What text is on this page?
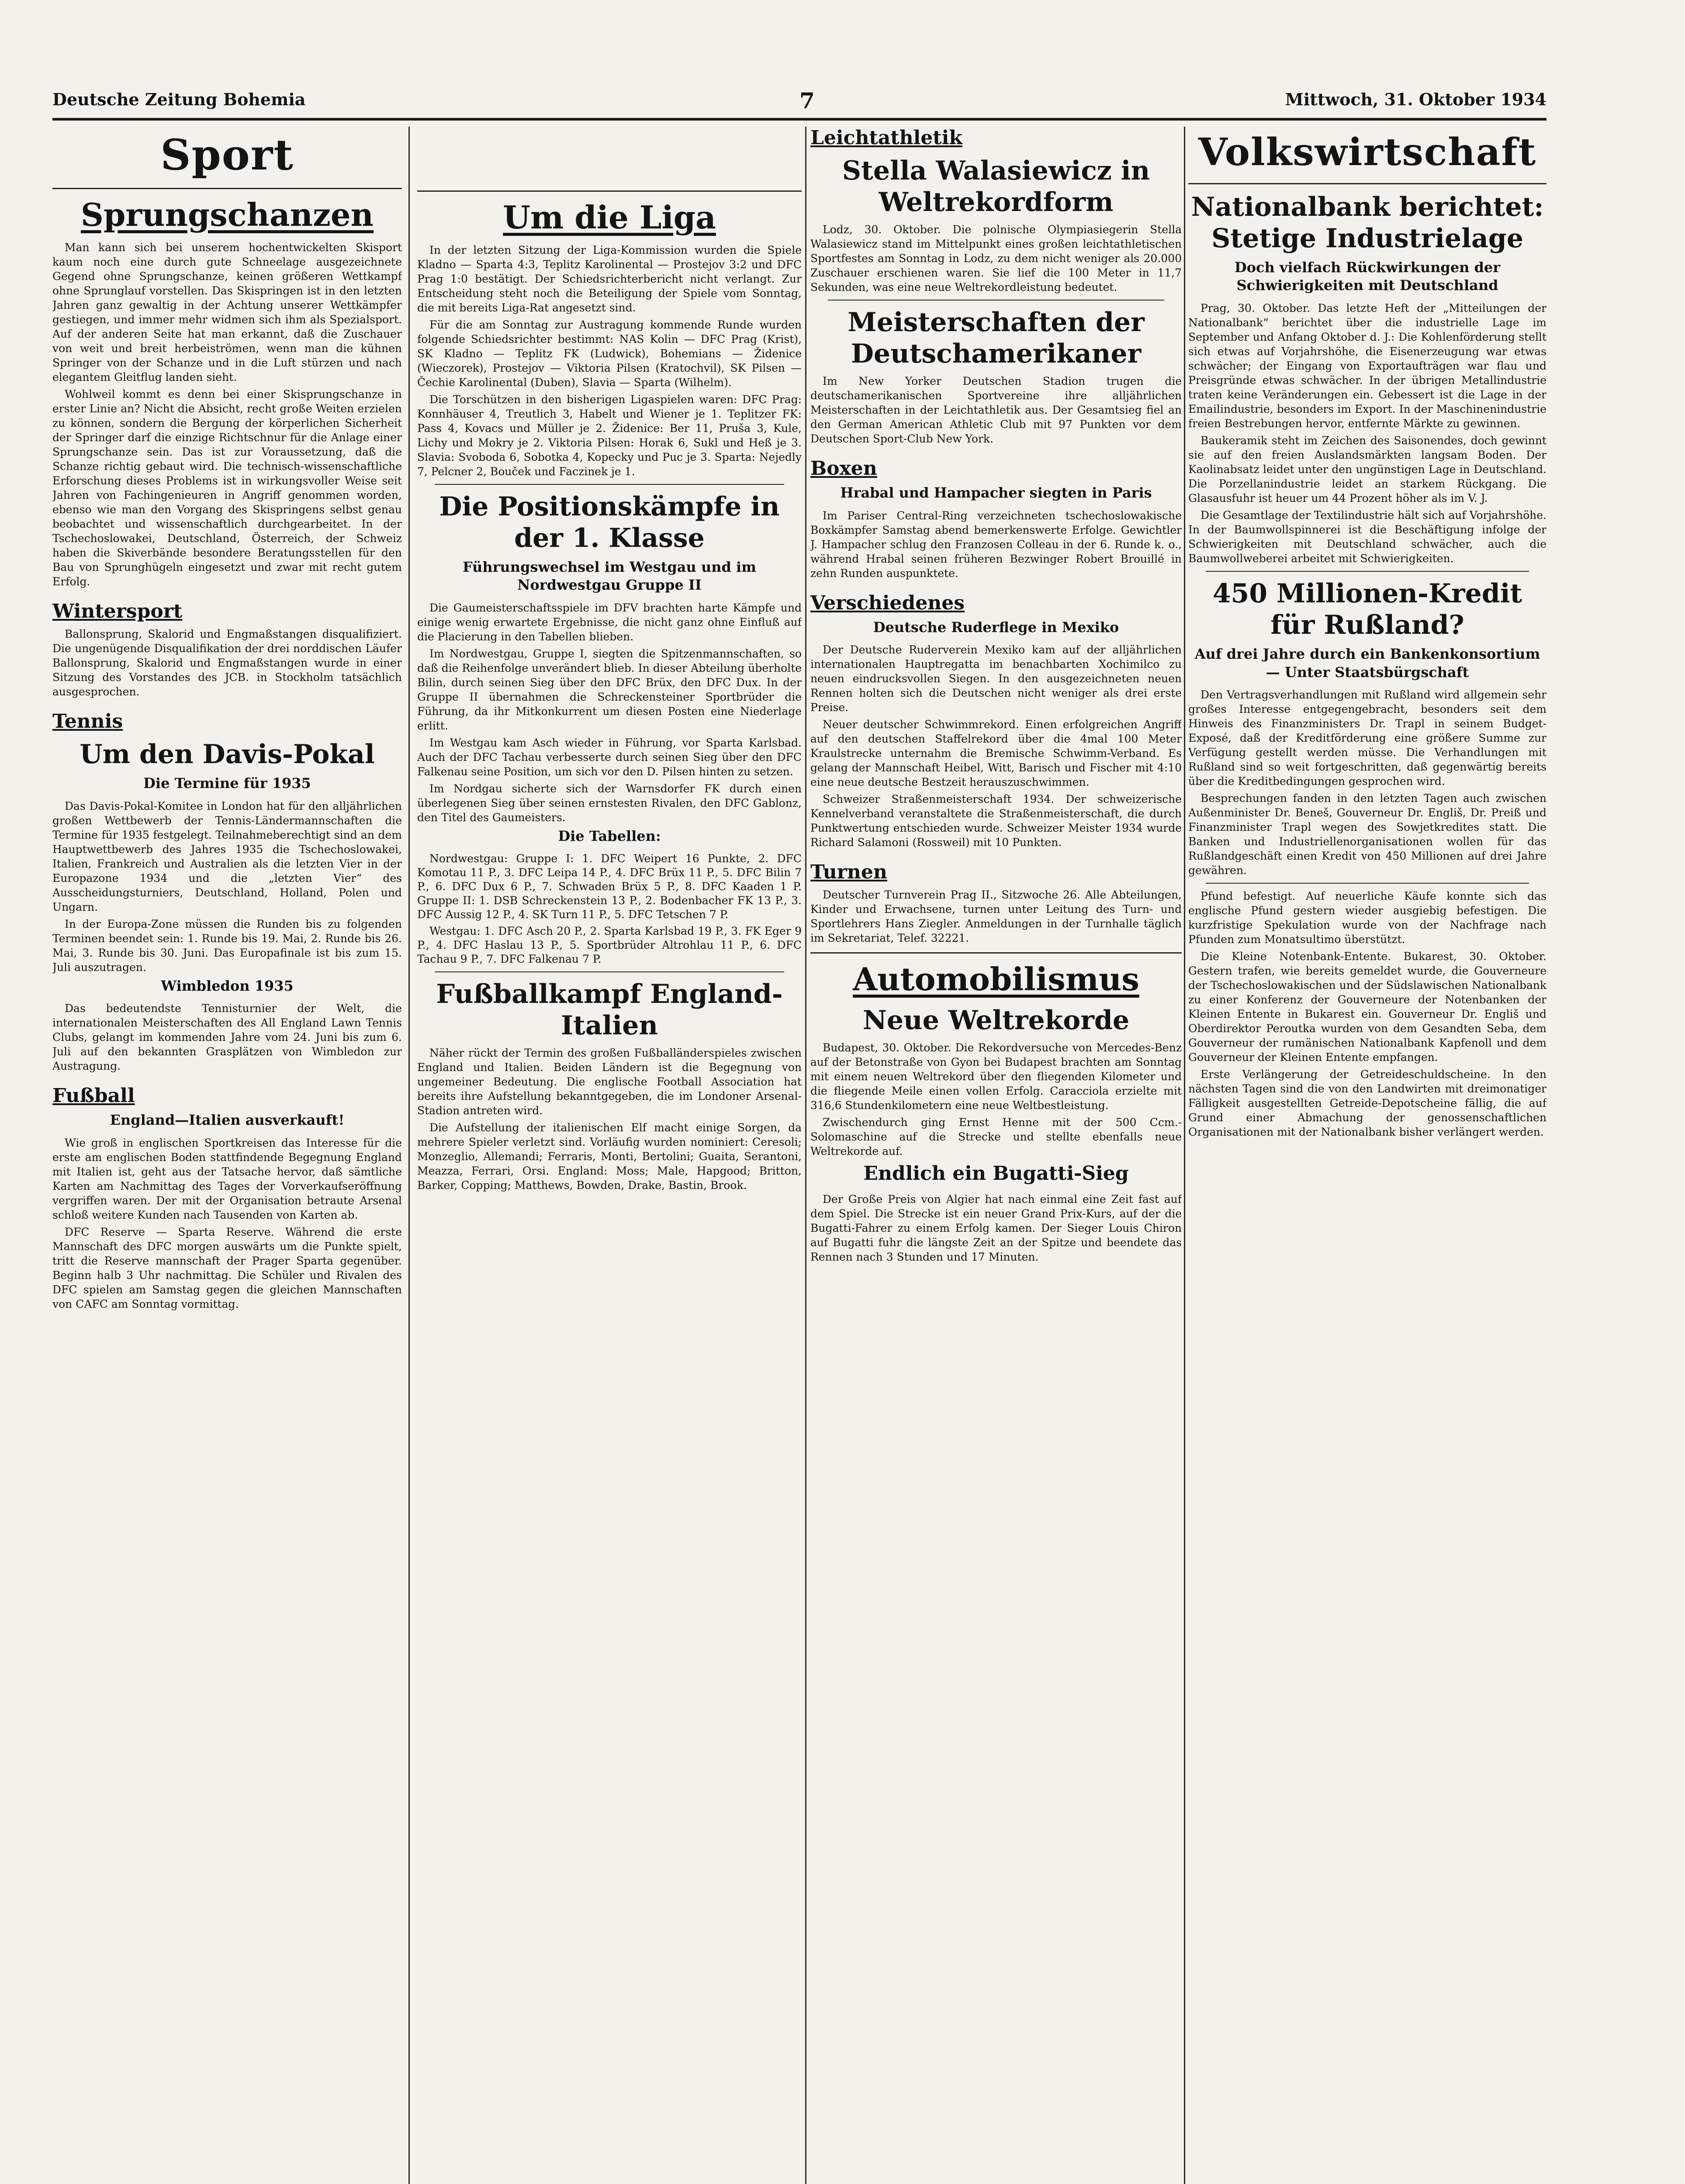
Deutsche Zeitung Bohemia	7	Mittwoch, 31. Oktober 1934
Sport
Sprungschanzen

Man kann sich bei unserem hochentwickelten Skisport kaum noch eine durch gute Schneelage ausgezeichnete Gegend ohne Sprungschanze, keinen größeren Wettkampf ohne Sprunglauf vorstellen. Das Skispringen ist in den letzten Jahren ganz gewaltig in der Achtung unserer Wettkämpfer gestiegen, und immer mehr widmen sich ihm als Spezialsport. Auf der anderen Seite hat man erkannt, daß die Zuschauer von weit und breit herbeiströmen, wenn man die kühnen Springer von der Schanze und in die Luft stürzen und nach elegantem Gleitflug landen sieht.

Wohlweil kommt es denn bei einer Skisprungschanze in erster Linie an? Nicht die Absicht, recht große Weiten erzielen zu können, sondern die Bergung der körperlichen Sicherheit der Springer darf die einzige Richtschnur für die Anlage einer Sprungschanze sein. Das ist zur Voraussetzung, daß die Schanze richtig gebaut wird. Die technisch-wissenschaftliche Erforschung dieses Problems ist in wirkungsvoller Weise seit Jahren von Fachingenieuren in Angriff genommen worden, ebenso wie man den Vorgang des Skispringens selbst genau beobachtet und wissenschaftlich durchgearbeitet. In der Tschechoslowakei, Deutschland, Österreich, der Schweiz haben die Skiverbände besondere Beratungsstellen für den Bau von Sprunghügeln eingesetzt und zwar mit recht gutem Erfolg.

Wintersport

Ballonsprung, Skalorid und Engmaßstangen disqualifiziert. Die ungenügende Disqualifikation der drei norddischen Läufer Ballonsprung, Skalorid und Engmaßstangen wurde in einer Sitzung des Vorstandes des JCB. in Stockholm tatsächlich ausgesprochen.

Tennis
Um den Davis-Pokal
Die Termine für 1935

Das Davis-Pokal-Komitee in London hat für den alljährlichen großen Wettbewerb der Tennis-Ländermannschaften die Termine für 1935 festgelegt. Teilnahmeberechtigt sind an dem Hauptwettbewerb des Jahres 1935 die Tschechoslowakei, Italien, Frankreich und Australien als die letzten Vier in der Europazone 1934 und die „letzten Vier“ des Ausscheidungsturniers, Deutschland, Holland, Polen und Ungarn.

In der Europa-Zone müssen die Runden bis zu folgenden Terminen beendet sein: 1. Runde bis 19. Mai, 2. Runde bis 26. Mai, 3. Runde bis 30. Juni. Das Europafinale ist bis zum 15. Juli auszutragen.

Wimbledon 1935

Das bedeutendste Tennisturnier der Welt, die internationalen Meisterschaften des All England Lawn Tennis Clubs, gelangt im kommenden Jahre vom 24. Juni bis zum 6. Juli auf den bekannten Grasplätzen von Wimbledon zur Austragung.

Fußball
England—Italien ausverkauft!

Wie groß in englischen Sportkreisen das Interesse für die erste am englischen Boden stattfindende Begegnung England mit Italien ist, geht aus der Tatsache hervor, daß sämtliche Karten am Nachmittag des Tages der Vorverkaufseröffnung vergriffen waren. Der mit der Organisation betraute Arsenal schloß weitere Kunden nach Tausenden von Karten ab.

DFC Reserve — Sparta Reserve. Während die erste Mannschaft des DFC morgen auswärts um die Punkte spielt, tritt die Reserve mannschaft der Prager Sparta gegenüber. Beginn halb 3 Uhr nachmittag. Die Schüler und Rivalen des DFC spielen am Samstag gegen die gleichen Mannschaften von CAFC am Sonntag vormittag.

Um die Liga

In der letzten Sitzung der Liga-Kommission wurden die Spiele Kladno — Sparta 4:3, Teplitz Karolinental — Prostejov 3:2 und DFC Prag 1:0 bestätigt. Der Schiedsrichterbericht nicht verlangt. Zur Entscheidung steht noch die Beteiligung der Spiele vom Sonntag, die mit bereits Liga-Rat angesetzt sind.

Für die am Sonntag zur Austragung kommende Runde wurden folgende Schiedsrichter bestimmt: NAS Kolin — DFC Prag (Krist), SK Kladno — Teplitz FK (Ludwick), Bohemians — Židenice (Wieczorek), Prostejov — Viktoria Pilsen (Kratochvil), SK Pilsen — Čechie Karolinental (Duben), Slavia — Sparta (Wilhelm).

Die Torschützen in den bisherigen Ligaspielen waren: DFC Prag: Konnhäuser 4, Treutlich 3, Habelt und Wiener je 1. Teplitzer FK: Pass 4, Kovacs und Müller je 2. Židenice: Ber 11, Pruša 3, Kule, Lichy und Mokry je 2. Viktoria Pilsen: Horak 6, Sukl und Heß je 3. Slavia: Svoboda 6, Sobotka 4, Kopecky und Puc je 3. Sparta: Nejedly 7, Pelcner 2, Bouček und Faczinek je 1.

Die Positionskämpfe in der 1. Klasse
Führungswechsel im Westgau und im Nordwestgau Gruppe II

Die Gaumeisterschaftsspiele im DFV brachten harte Kämpfe und einige wenig erwartete Ergebnisse, die nicht ganz ohne Einfluß auf die Placierung in den Tabellen blieben.

Im Nordwestgau, Gruppe I, siegten die Spitzenmannschaften, so daß die Reihenfolge unverändert blieb. In dieser Abteilung überholte Bilin, durch seinen Sieg über den DFC Brüx, den DFC Dux. In der Gruppe II übernahmen die Schreckensteiner Sportbrüder die Führung, da ihr Mitkonkurrent um diesen Posten eine Niederlage erlitt.

Im Westgau kam Asch wieder in Führung, vor Sparta Karlsbad. Auch der DFC Tachau verbesserte durch seinen Sieg über den DFC Falkenau seine Position, um sich vor den D. Pilsen hinten zu setzen.

Im Nordgau sicherte sich der Warnsdorfer FK durch einen überlegenen Sieg über seinen ernstesten Rivalen, den DFC Gablonz, den Titel des Gaumeisters.

Die Tabellen:

Nordwestgau: Gruppe I: 1. DFC Weipert 16 Punkte, 2. DFC Komotau 11 P., 3. DFC Leipa 14 P., 4. DFC Brüx 11 P., 5. DFC Bilin 7 P., 6. DFC Dux 6 P., 7. Schwaden Brüx 5 P., 8. DFC Kaaden 1 P. Gruppe II: 1. DSB Schreckenstein 13 P., 2. Bodenbacher FK 13 P., 3. DFC Aussig 12 P., 4. SK Turn 11 P., 5. DFC Tetschen 7 P.

Westgau: 1. DFC Asch 20 P., 2. Sparta Karlsbad 19 P., 3. FK Eger 9 P., 4. DFC Haslau 13 P., 5. Sportbrüder Altrohlau 11 P., 6. DFC Tachau 9 P., 7. DFC Falkenau 7 P.

Fußballkampf England-Italien

Näher rückt der Termin des großen Fußballänderspieles zwischen England und Italien. Beiden Ländern ist die Begegnung von ungemeiner Bedeutung. Die englische Football Association hat bereits ihre Aufstellung bekanntgegeben, die im Londoner Arsenal-Stadion antreten wird.

Die Aufstellung der italienischen Elf macht einige Sorgen, da mehrere Spieler verletzt sind. Vorläufig wurden nominiert: Ceresoli; Monzeglio, Allemandi; Ferraris, Monti, Bertolini; Guaita, Serantoni, Meazza, Ferrari, Orsi. England: Moss; Male, Hapgood; Britton, Barker, Copping; Matthews, Bowden, Drake, Bastin, Brook.

Leichtathletik
Stella Walasiewicz in Weltrekordform

Lodz, 30. Oktober. Die polnische Olympiasiegerin Stella Walasiewicz stand im Mittelpunkt eines großen leichtathletischen Sportfestes am Sonntag in Lodz, zu dem nicht weniger als 20.000 Zuschauer erschienen waren. Sie lief die 100 Meter in 11,7 Sekunden, was eine neue Weltrekordleistung bedeutet.

Meisterschaften der Deutschamerikaner

Im New Yorker Deutschen Stadion trugen die deutschamerikanischen Sportvereine ihre alljährlichen Meisterschaften in der Leichtathletik aus. Der Gesamtsieg fiel an den German American Athletic Club mit 97 Punkten vor dem Deutschen Sport-Club New York.

Boxen
Hrabal und Hampacher siegten in Paris

Im Pariser Central-Ring verzeichneten tschechoslowakische Boxkämpfer Samstag abend bemerkenswerte Erfolge. Gewichtler J. Hampacher schlug den Franzosen Colleau in der 6. Runde k. o., während Hrabal seinen früheren Bezwinger Robert Brouillé in zehn Runden auspunktete.

Verschiedenes
Deutsche Ruderflege in Mexiko

Der Deutsche Ruderverein Mexiko kam auf der alljährlichen internationalen Hauptregatta im benachbarten Xochimilco zu neuen eindrucksvollen Siegen. In den ausgezeichneten neuen Rennen holten sich die Deutschen nicht weniger als drei erste Preise.

Neuer deutscher Schwimmrekord. Einen erfolgreichen Angriff auf den deutschen Staffelrekord über die 4mal 100 Meter Kraulstrecke unternahm die Bremische Schwimm-Verband. Es gelang der Mannschaft Heibel, Witt, Barisch und Fischer mit 4:10 eine neue deutsche Bestzeit herauszuschwimmen.

Schweizer Straßenmeisterschaft 1934. Der schweizerische Kennelverband veranstaltete die Straßenmeisterschaft, die durch Punktwertung entschieden wurde. Schweizer Meister 1934 wurde Richard Salamoni (Rossweil) mit 10 Punkten.

Turnen

Deutscher Turnverein Prag II., Sitzwoche 26. Alle Abteilungen, Kinder und Erwachsene, turnen unter Leitung des Turn- und Sportlehrers Hans Ziegler. Anmeldungen in der Turnhalle täglich im Sekretariat, Telef. 32221.

Automobilismus
Neue Weltrekorde

Budapest, 30. Oktober. Die Rekordversuche von Mercedes-Benz auf der Betonstraße von Gyon bei Budapest brachten am Sonntag mit einem neuen Weltrekord über den fliegenden Kilometer und die fliegende Meile einen vollen Erfolg. Caracciola erzielte mit 316,6 Stundenkilometern eine neue Weltbestleistung.

Zwischendurch ging Ernst Henne mit der 500 Ccm.-Solomaschine auf die Strecke und stellte ebenfalls neue Weltrekorde auf.

Endlich ein Bugatti-Sieg

Der Große Preis von Algier hat nach einmal eine Zeit fast auf dem Spiel. Die Strecke ist ein neuer Grand Prix-Kurs, auf der die Bugatti-Fahrer zu einem Erfolg kamen. Der Sieger Louis Chiron auf Bugatti fuhr die längste Zeit an der Spitze und beendete das Rennen nach 3 Stunden und 17 Minuten.

Volkswirtschaft
Nationalbank berichtet: Stetige Industrielage
Doch vielfach Rückwirkungen der Schwierigkeiten mit Deutschland

Prag, 30. Oktober. Das letzte Heft der „Mitteilungen der Nationalbank“ berichtet über die industrielle Lage im September und Anfang Oktober d. J.: Die Kohlenförderung stellt sich etwas auf Vorjahrshöhe, die Eisenerzeugung war etwas schwächer; der Eingang von Exportaufträgen war flau und Preisgründe etwas schwächer. In der übrigen Metallindustrie traten keine Veränderungen ein. Gebessert ist die Lage in der Emailindustrie, besonders im Export. In der Maschinenindustrie freien Bestrebungen hervor, entfernte Märkte zu gewinnen.

Baukeramik steht im Zeichen des Saisonendes, doch gewinnt sie auf den freien Auslandsmärkten langsam Boden. Der Kaolinabsatz leidet unter den ungünstigen Lage in Deutschland. Die Porzellanindustrie leidet an starkem Rückgang. Die Glasausfuhr ist heuer um 44 Prozent höher als im V. J.

Die Gesamtlage der Textilindustrie hält sich auf Vorjahrshöhe. In der Baumwollspinnerei ist die Beschäftigung infolge der Schwierigkeiten mit Deutschland schwächer, auch die Baumwollweberei arbeitet mit Schwierigkeiten.

450 Millionen-Kredit für Rußland?
Auf drei Jahre durch ein Bankenkonsortium — Unter Staatsbürgschaft

Den Vertragsverhandlungen mit Rußland wird allgemein sehr großes Interesse entgegengebracht, besonders seit dem Hinweis des Finanzministers Dr. Trapl in seinem Budget-Exposé, daß der Kreditförderung eine größere Summe zur Verfügung gestellt werden müsse. Die Verhandlungen mit Rußland sind so weit fortgeschritten, daß gegenwärtig bereits über die Kreditbedingungen gesprochen wird.

Besprechungen fanden in den letzten Tagen auch zwischen Außenminister Dr. Beneš, Gouverneur Dr. Engliš, Dr. Preiß und Finanzminister Trapl wegen des Sowjetkredites statt. Die Banken und Industriellenorganisationen wollen für das Rußlandgeschäft einen Kredit von 450 Millionen auf drei Jahre gewähren.

Pfund befestigt. Auf neuerliche Käufe konnte sich das englische Pfund gestern wieder ausgiebig befestigen. Die kurzfristige Spekulation wurde von der Nachfrage nach Pfunden zum Monatsultimo überstützt.

Die Kleine Notenbank-Entente. Bukarest, 30. Oktober. Gestern trafen, wie bereits gemeldet wurde, die Gouverneure der Tschechoslowakischen und der Südslawischen Nationalbank zu einer Konferenz der Gouverneure der Notenbanken der Kleinen Entente in Bukarest ein. Gouverneur Dr. Engliš und Oberdirektor Peroutka wurden von dem Gesandten Seba, dem Gouverneur der rumänischen Nationalbank Kapfenoll und dem Gouverneur der Kleinen Entente empfangen.

Erste Verlängerung der Getreideschuldscheine. In den nächsten Tagen sind die von den Landwirten mit dreimonatiger Fälligkeit ausgestellten Getreide-Depotscheine fällig, die auf Grund einer Abmachung der genossenschaftlichen Organisationen mit der Nationalbank bisher verlängert werden.
